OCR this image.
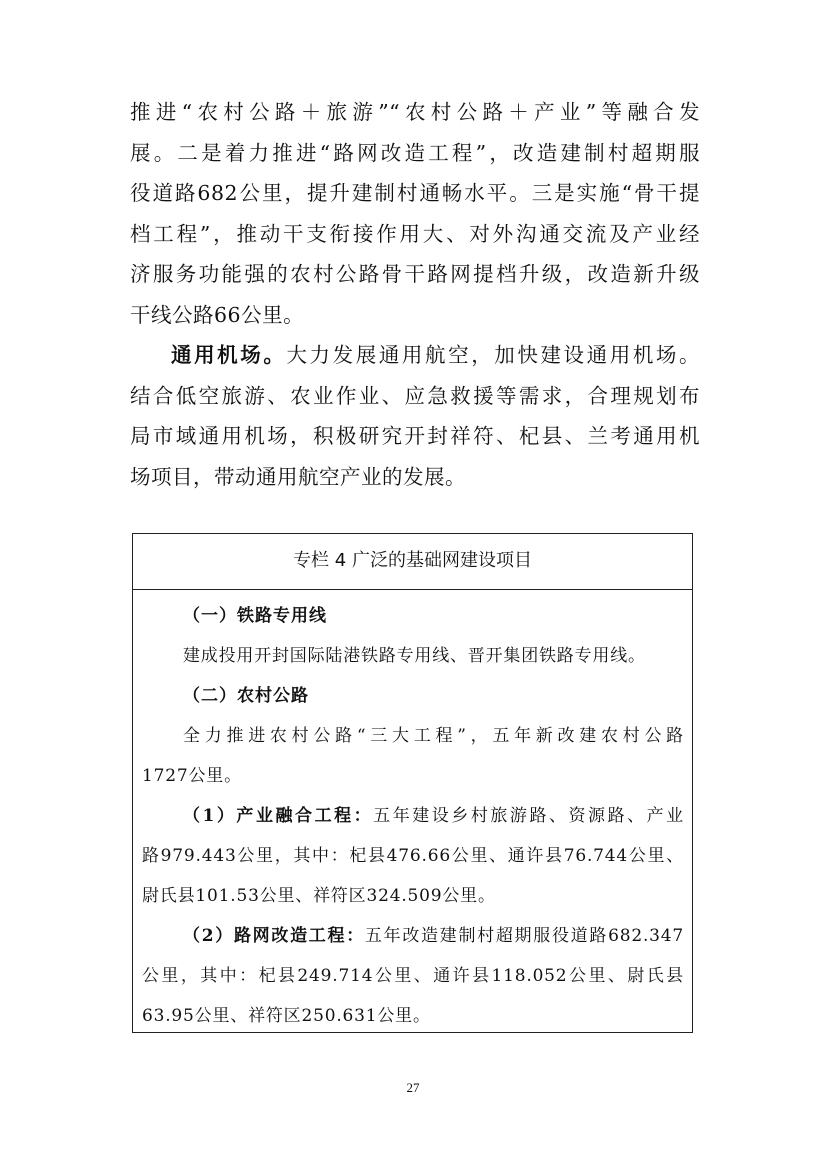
推进“农村公路＋旅游”“农村公路＋产业”等融合发
展。二是着力推进“路网改造工程”，改造建制村超期服
役道路682公里，提升建制村通畅水平。三是实施“骨干提
档工程”，推动干支衔接作用大、对外沟通交流及产业经
济服务功能强的农村公路骨干路网提档升级，改造新升级
干线公路66公里。
通用机场。大力发展通用航空，加快建设通用机场。
结合低空旅游、农业作业、应急救援等需求，合理规划布
局市域通用机场，积极研究开封祥符、杞县、兰考通用机
场项目，带动通用航空产业的发展。
专栏 4 广泛的基础网建设项目
（一）铁路专用线
建成投用开封国际陆港铁路专用线、晋开集团铁路专用线。
（二）农村公路
全力推进农村公路“三大工程”，五年新改建农村公路
1727公里。
（1）产业融合工程：五年建设乡村旅游路、资源路、产业
路979.443公里，其中：杞县476.66公里、通许县76.744公里、
尉氏县101.53公里、祥符区324.509公里。
（2）路网改造工程：五年改造建制村超期服役道路682.347
公里，其中：杞县249.714公里、通许县118.052公里、尉氏县
63.95公里、祥符区250.631公里。
27
